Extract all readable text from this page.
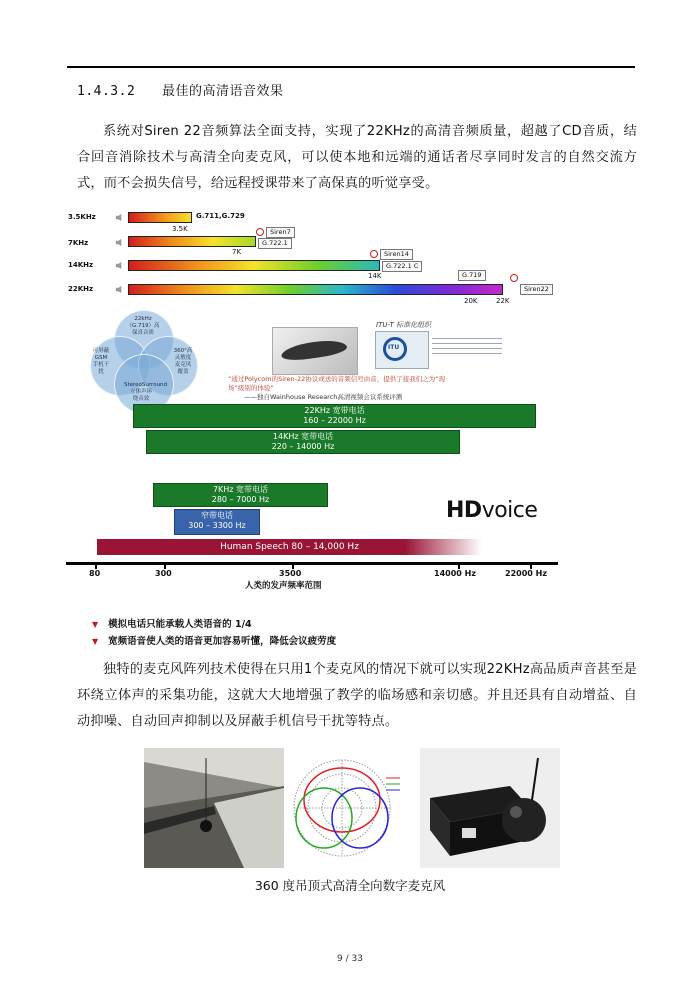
1.4.3.2 最佳的高清语音效果
系统对Siren 22音频算法全面支持，实现了22KHz的高清音频质量，超越了CD音质，结合回音消除技术与高清全向麦克风，可以使本地和远端的通话者尽享同时发言的自然交流方式，而不会损失信号，给远程授课带来了高保真的听觉享受。
3.5KHz
7KHz
14KHz
22KHz
G.711,G.729
3.5K	Siren7
G.722.1
7K	Siren14
G.722.1 C
14K	G.719
Siren22
20K	22K
22kHz
（G.719）高
保真音质
可屏蔽
GSM
手机干
扰
360°高
灵敏度
麦克风
覆盖
StereoSurround
立体声环
绕音效
ITU-T 标准化组织
ITU
“通过Polycom的Siren-22协议或送的音频信号由音，提供了接我们之为“现场”级别的体验”
——独自Wainhouse Research高清视频会议系统评测
22KHz 宽带电话
160 – 22000 Hz
14KHz 宽带电话
220 – 14000 Hz
7KHz 宽带电话
280 – 7000 Hz
窄带电话
300 – 3300 Hz
Human Speech 80 – 14,000 Hz
HDvoice
80	300	3500	14000 Hz	22000 Hz
人类的发声频率范围
▼ 模拟电话只能承载人类语音的 1/4
▼ 宽频语音使人类的语音更加容易听懂，降低会议疲劳度
独特的麦克风阵列技术使得在只用1个麦克风的情况下就可以实现22KHz高品质声音甚至是环绕立体声的采集功能，这就大大地增强了教学的临场感和亲切感。并且还具有自动增益、自动抑噪、自动回声抑制以及屏蔽手机信号干扰等特点。
360 度吊顶式高清全向数字麦克风
9 / 33
